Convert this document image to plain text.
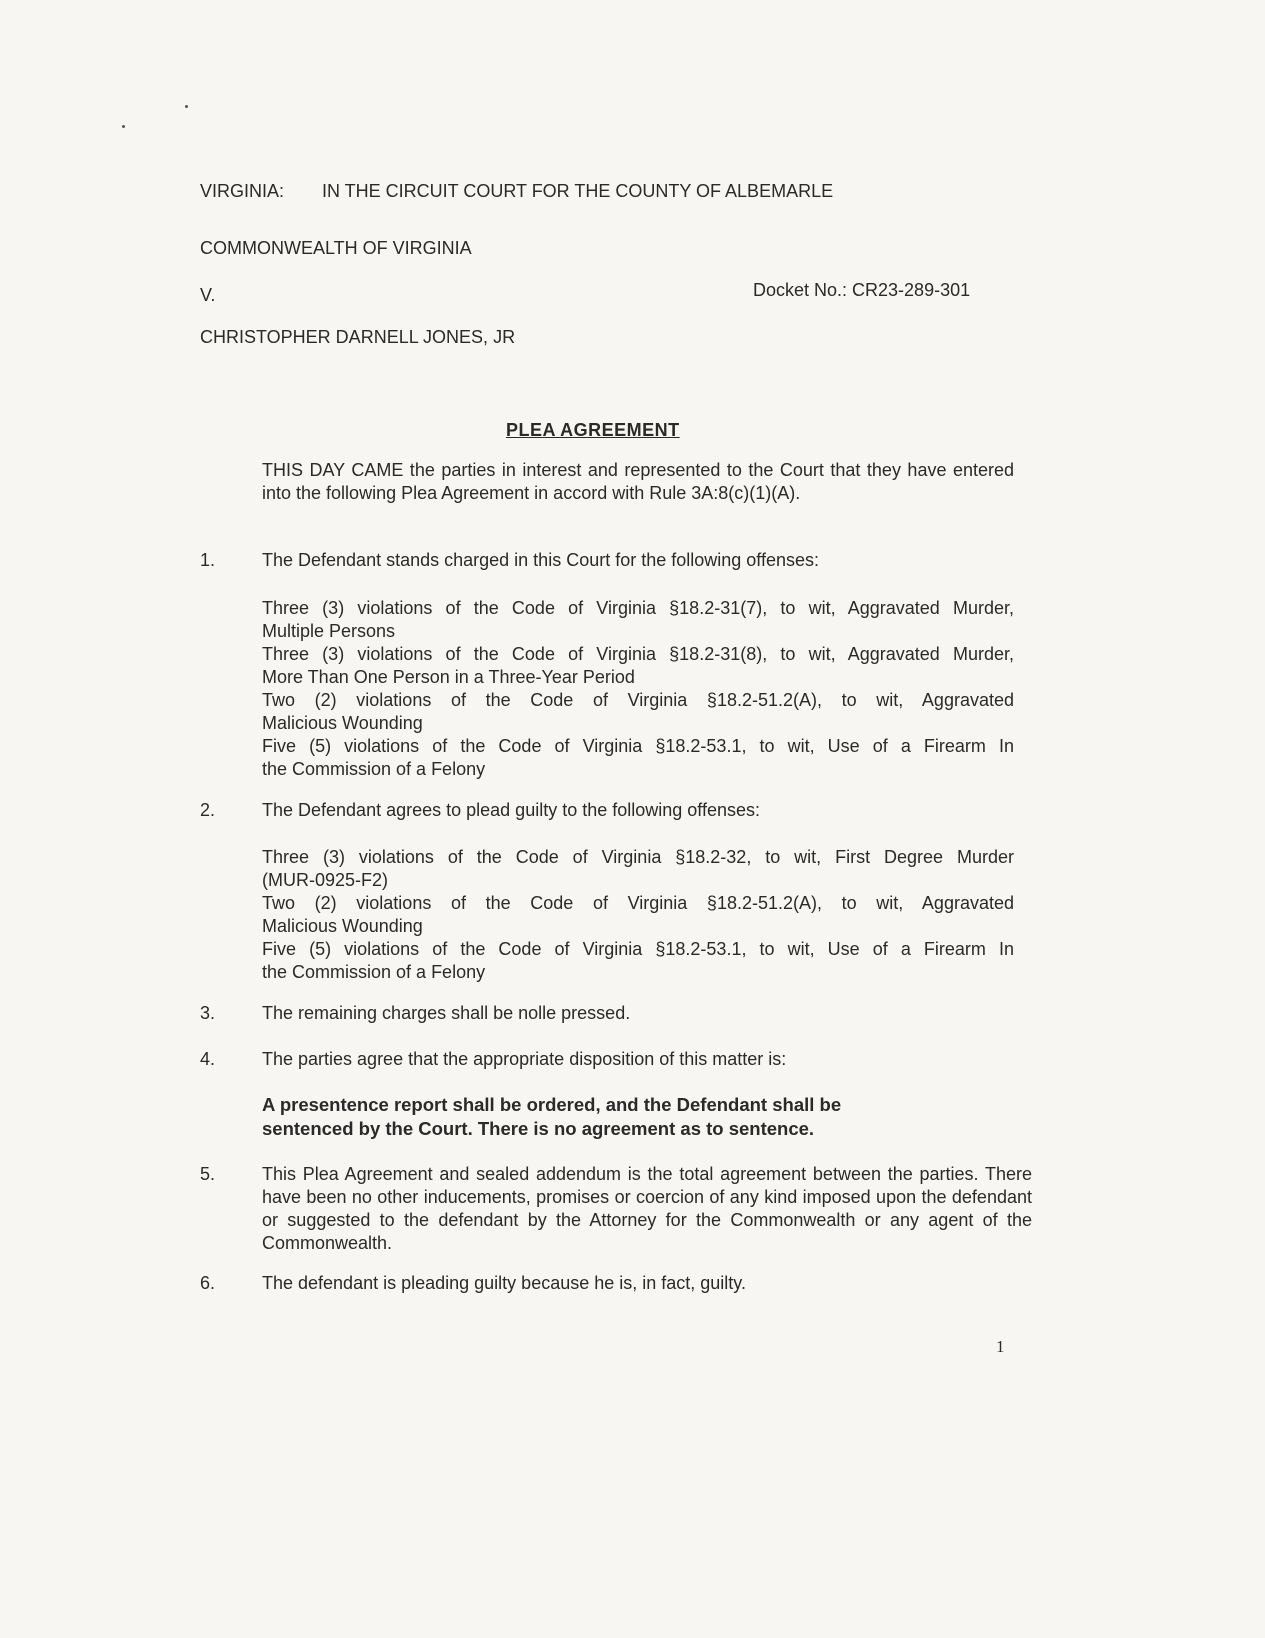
VIRGINIA: IN THE CIRCUIT COURT FOR THE COUNTY OF ALBEMARLE
COMMONWEALTH OF VIRGINIA
V.	Docket No.: CR23-289-301
CHRISTOPHER DARNELL JONES, JR
PLEA AGREEMENT
THIS DAY CAME the parties in interest and represented to the Court that they have entered into the following Plea Agreement in accord with Rule 3A:8(c)(1)(A).
1.	The Defendant stands charged in this Court for the following offenses:
Three (3) violations of the Code of Virginia §18.2-31(7), to wit, Aggravated Murder,
Multiple Persons
Three (3) violations of the Code of Virginia §18.2-31(8), to wit, Aggravated Murder,
More Than One Person in a Three-Year Period
Two (2) violations of the Code of Virginia §18.2-51.2(A), to wit, Aggravated
Malicious Wounding
Five (5) violations of the Code of Virginia §18.2-53.1, to wit, Use of a Firearm In
the Commission of a Felony
2.	The Defendant agrees to plead guilty to the following offenses:
Three (3) violations of the Code of Virginia §18.2-32, to wit, First Degree Murder
(MUR-0925-F2)
Two (2) violations of the Code of Virginia §18.2-51.2(A), to wit, Aggravated
Malicious Wounding
Five (5) violations of the Code of Virginia §18.2-53.1, to wit, Use of a Firearm In
the Commission of a Felony
3.	The remaining charges shall be nolle pressed.
4.	The parties agree that the appropriate disposition of this matter is:
A presentence report shall be ordered, and the Defendant shall be
sentenced by the Court. There is no agreement as to sentence.
5.	This Plea Agreement and sealed addendum is the total agreement between the parties. There have been no other inducements, promises or coercion of any kind imposed upon the defendant or suggested to the defendant by the Attorney for the Commonwealth or any agent of the Commonwealth.
6.	The defendant is pleading guilty because he is, in fact, guilty.
1
